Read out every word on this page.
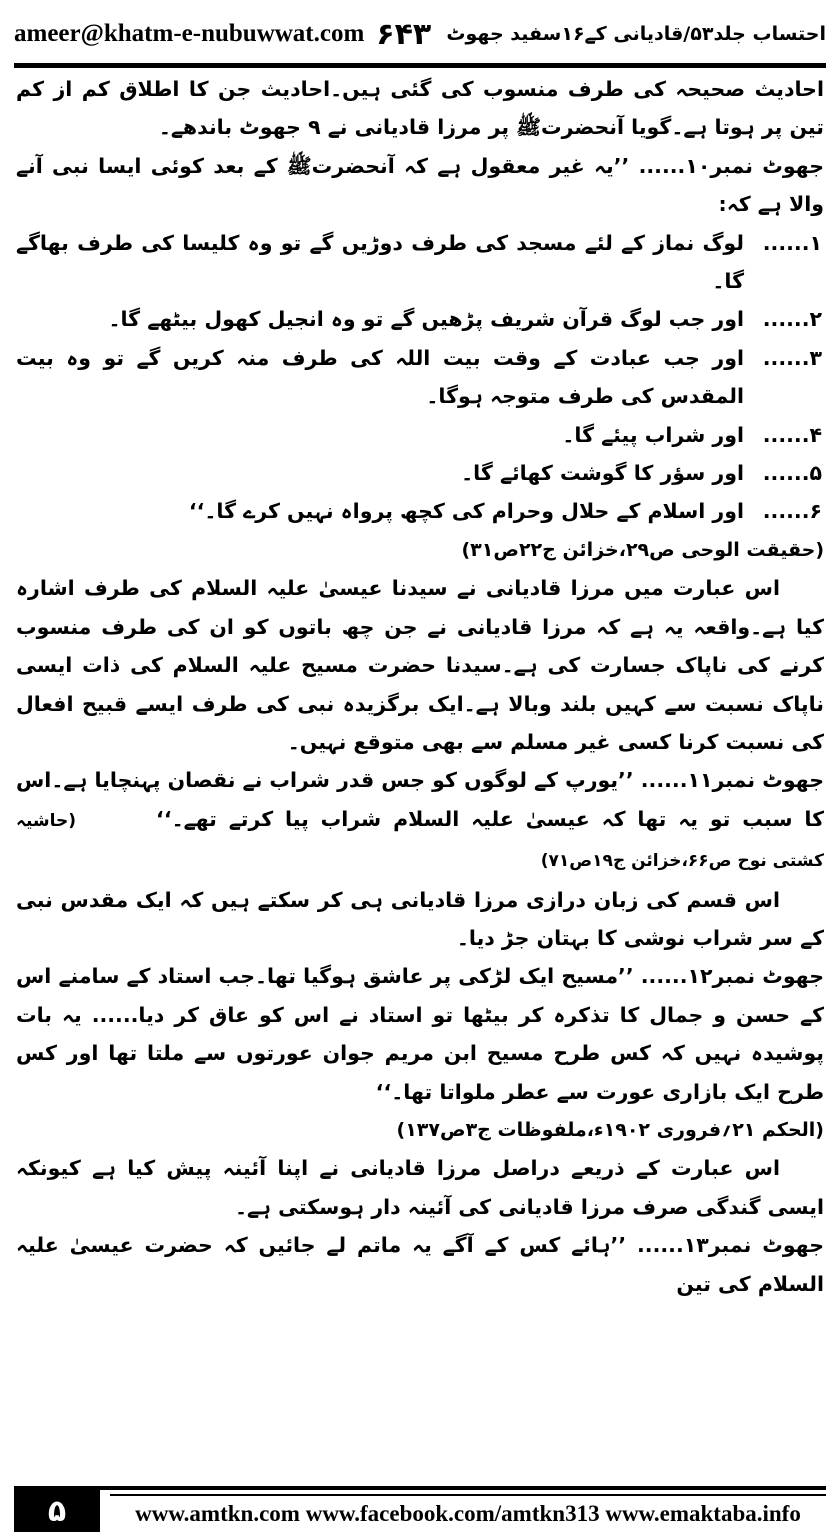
ameer@khatm-e-nubuwwat.com ۶۴۳ احتساب جلد۵۳/قادیانی کے۱۶سفید جھوٹ

احادیث صحیحہ کی طرف منسوب کی گئی ہیں۔احادیث جن کا اطلاق کم از کم تین پر ہوتا ہے۔گویا آنحضرتﷺ پر مرزا قادیانی نے ۹ جھوٹ باندھے۔

جھوٹ نمبر۱۰...... ’’یہ غیر معقول ہے کہ آنحضرتﷺ کے بعد کوئی ایسا نبی آنے والا ہے کہ:

۱......
لوگ نماز کے لئے مسجد کی طرف دوڑیں گے تو وہ کلیسا کی طرف بھاگے گا۔
۲......
اور جب لوگ قرآن شریف پڑھیں گے تو وہ انجیل کھول بیٹھے گا۔
۳......
اور جب عبادت کے وقت بیت اللہ کی طرف منہ کریں گے تو وہ بیت المقدس کی طرف متوجہ ہوگا۔
۴......
اور شراب پیئے گا۔
۵......
اور سؤر کا گوشت کھائے گا۔
۶......
اور اسلام کے حلال وحرام کی کچھ پرواہ نہیں کرے گا۔‘‘

(حقیقت الوحی ص۲۹،خزائن ج۲۲ص۳۱)

اس عبارت میں مرزا قادیانی نے سیدنا عیسیٰ علیہ السلام کی طرف اشارہ کیا ہے۔واقعہ یہ ہے کہ مرزا قادیانی نے جن چھ باتوں کو ان کی طرف منسوب کرنے کی ناپاک جسارت کی ہے۔سیدنا حضرت مسیح علیہ السلام کی ذات ایسی ناپاک نسبت سے کہیں بلند وبالا ہے۔ایک برگزیدہ نبی کی طرف ایسے قبیح افعال کی نسبت کرنا کسی غیر مسلم سے بھی متوقع نہیں۔

جھوٹ نمبر۱۱...... ’’یورپ کے لوگوں کو جس قدر شراب نے نقصان پہنچایا ہے۔اس کا سبب تو یہ تھا کہ عیسیٰ علیہ السلام شراب پیا کرتے تھے۔‘‘(حاشیہ کشتی نوح ص۶۶،خزائن ج۱۹ص۷۱)

اس قسم کی زبان درازی مرزا قادیانی ہی کر سکتے ہیں کہ ایک مقدس نبی کے سر شراب نوشی کا بہتان جڑ دیا۔

جھوٹ نمبر۱۲...... ’’مسیح ایک لڑکی پر عاشق ہوگیا تھا۔جب استاد کے سامنے اس کے حسن و جمال کا تذکرہ کر بیٹھا تو استاد نے اس کو عاق کر دیا...... یہ بات پوشیدہ نہیں کہ کس طرح مسیح ابن مریم جوان عورتوں سے ملتا تھا اور کس طرح ایک بازاری عورت سے عطر ملواتا تھا۔‘‘

(الحکم ۲۱؍فروری ۱۹۰۲ء،ملفوظات ج۳ص۱۳۷)

اس عبارت کے ذریعے دراصل مرزا قادیانی نے اپنا آئینہ پیش کیا ہے کیونکہ ایسی گندگی صرف مرزا قادیانی کی آئینہ دار ہوسکتی ہے۔

جھوٹ نمبر۱۳...... ’’ہائے کس کے آگے یہ ماتم لے جائیں کہ حضرت عیسیٰ علیہ السلام کی تین

۵	www.amtkn.com www.facebook.com/amtkn313 www.emaktaba.info
